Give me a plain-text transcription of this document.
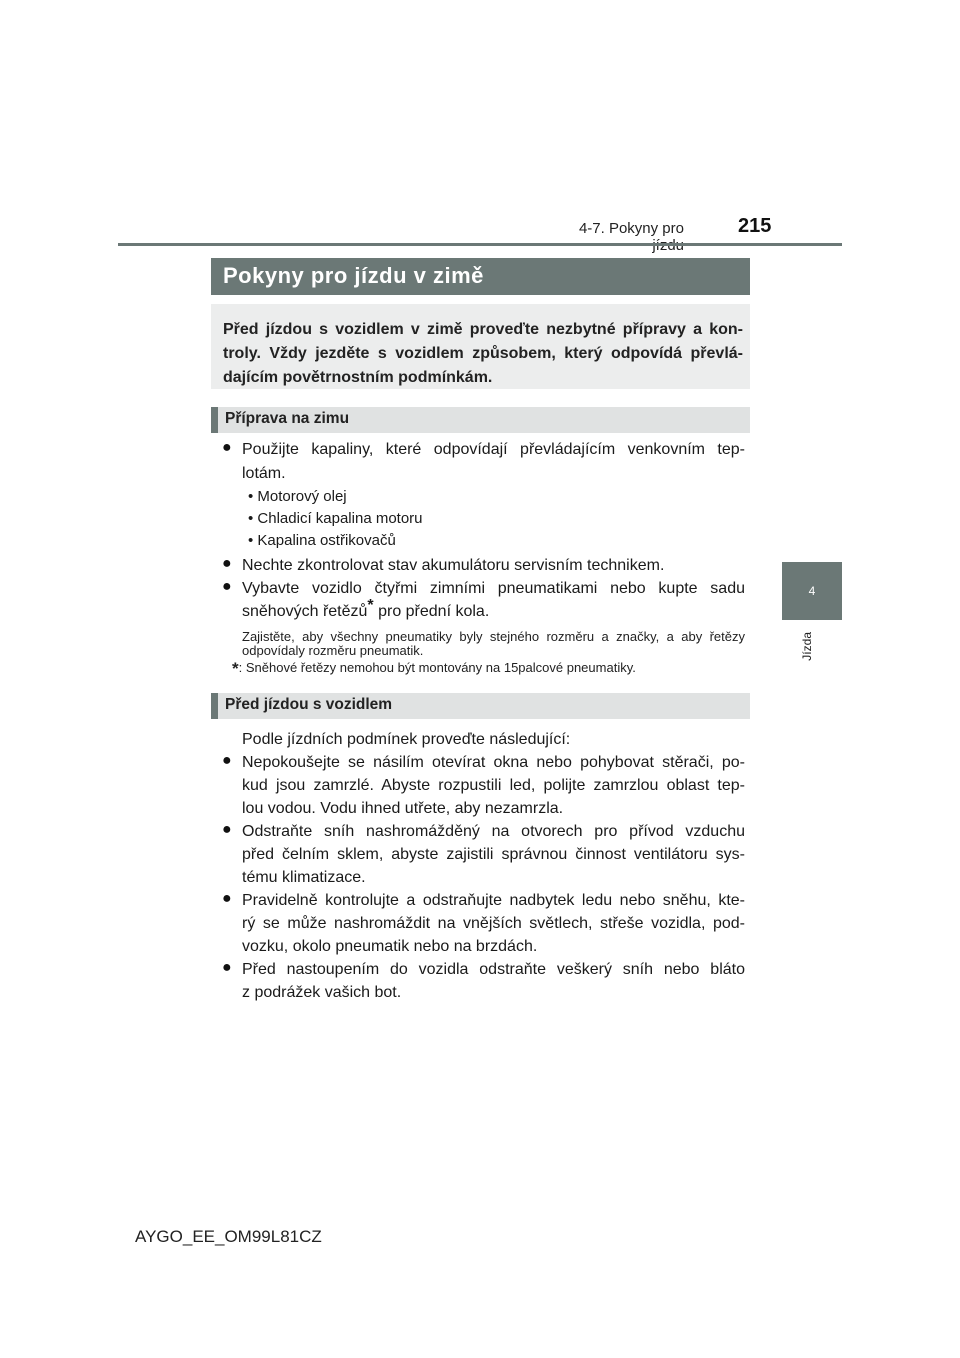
4-7. Pokyny pro	215
4
Jízda
Pokyny pro jízdu v zimě

Před jízdou s vozidlem v zimě proveďte nezbytné přípravy a kon-troly. Vždy jezděte s vozidlem způsobem, který odpovídá převlá-dajícím povětrnostním podmínkám.

Příprava na zimu
● Použijte kapaliny, které odpovídají převládajícím venkovním tep-
lotám.
• Motorový olej
• Chladicí kapalina motoru
• Kapalina ostřikovačů
● Nechte zkontrolovat stav akumulátoru servisním technikem.
● Vybavte vozidlo čtyřmi zimními pneumatikami nebo kupte sadu
sněhových řetězů* pro přední kola.

Zajistěte, aby všechny pneumatiky byly stejného rozměru a značky, a aby řetězy odpovídaly rozměru pneumatik.

*: Sněhové řetězy nemohou být montovány na 15palcové pneumatiky.
Před jízdou s vozidlem
Podle jízdních podmínek proveďte následující:
● Nepokoušejte se násilím otevírat okna nebo pohybovat stěrači, po-
kud jsou zamrzlé. Abyste rozpustili led, polijte zamrzlou oblast tep-
lou vodou. Vodu ihned utřete, aby nezamrzla.
● Odstraňte sníh nashromážděný na otvorech pro přívod vzduchu
před čelním sklem, abyste zajistili správnou činnost ventilátoru sys-
tému klimatizace.
● Pravidelně kontrolujte a odstraňujte nadbytek ledu nebo sněhu, kte-
rý se může nashromáždit na vnějších světlech, střeše vozidla, pod-
vozku, okolo pneumatik nebo na brzdách.
● Před nastoupením do vozidla odstraňte veškerý sníh nebo bláto
z podrážek vašich bot.
AYGO_EE_OM99L81CZ
